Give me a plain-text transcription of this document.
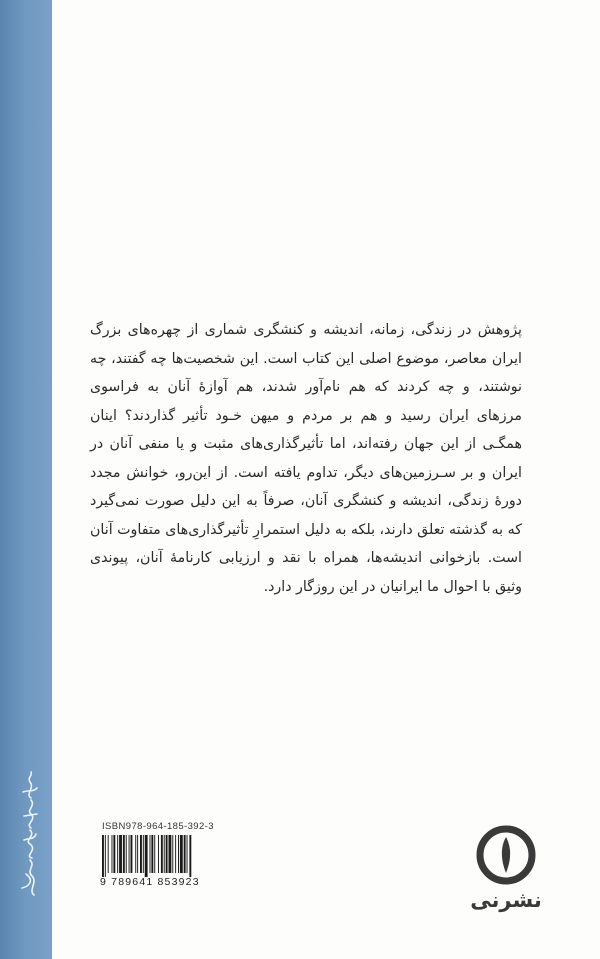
پژوهش در زندگی، زمانه، اندیشه و کنشگری شماری از چهره‌های بزرگ ایران معاصر، موضوع اصلی این کتاب است. این شخصیت‌ها چه گفتند، چه نوشتند، و چه کردند که هم نام‌آور شدند، هم آوازهٔ آنان به فراسوی مرزهای ایران رسید و هم بر مردم و میهن خـود تأثیر گذاردند؟ اینان همگـی از این جهان رفته‌اند، اما تأثیرگذاری‌های مثبت و یا منفی آنان در ایران و بر سـرزمین‌های دیگر، تداوم یافته است. از این‌رو، خوانش مجدد دورهٔ زندگی، اندیشه و کنشگری آنان، صرفاً به این دلیل صورت نمی‌گیرد که به گذشته تعلق دارند، بلکه به دلیل استمرارِ تأثیرگذاری‌های متفاوت آنان است. بازخوانی اندیشه‌ها، همراه با نقد و ارزیابی کارنامهٔ آنان، پیوندی وثیق با احوال ما ایرانیان در این روزگار دارد.

ISBN978-964-185-392-3
9 789641 853923
نشرنی
